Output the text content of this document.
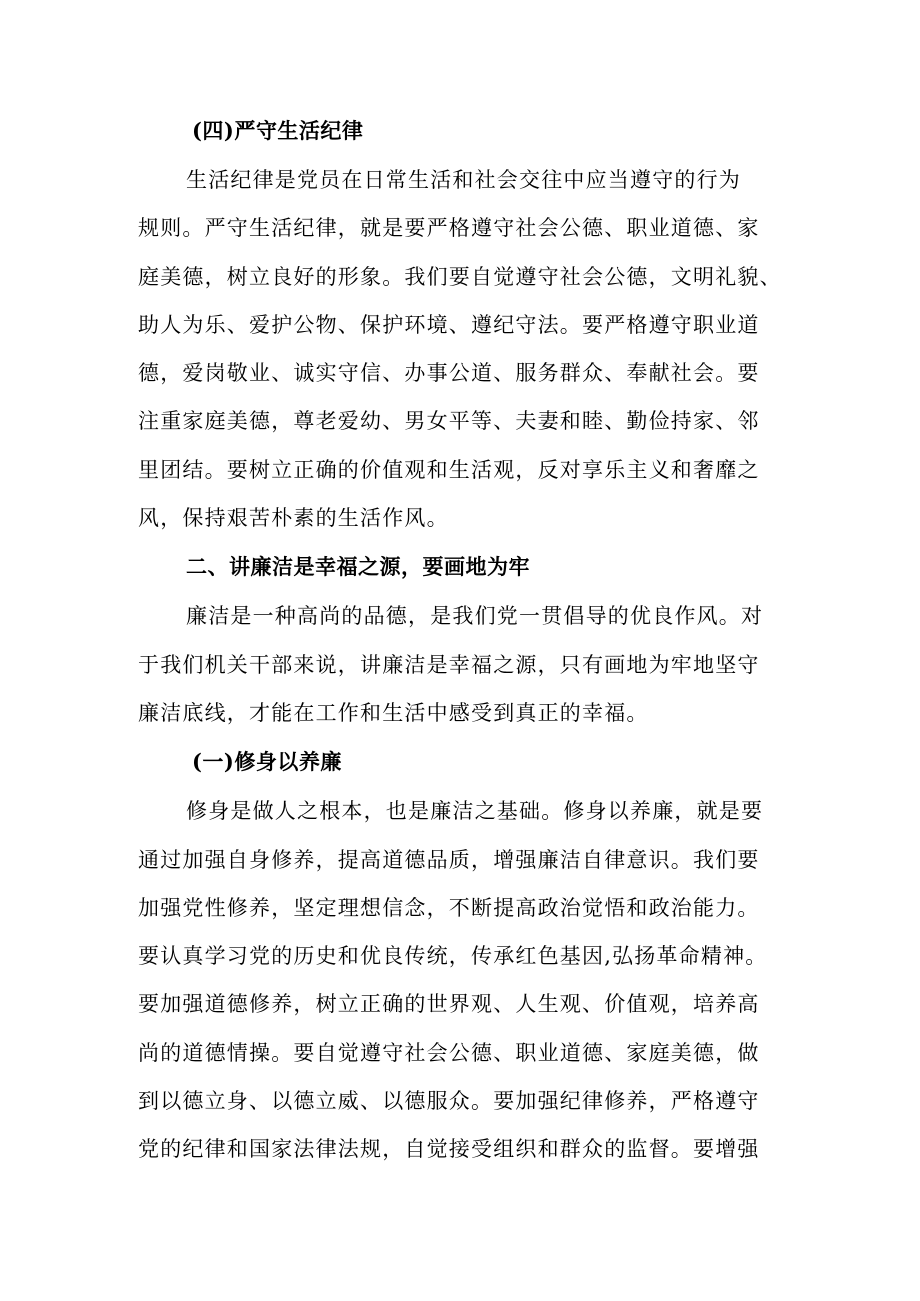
(四)严守生活纪律
生活纪律是党员在日常生活和社会交往中应当遵守的行为
规则。严守生活纪律，就是要严格遵守社会公德、职业道德、家
庭美德，树立良好的形象。我们要自觉遵守社会公德，文明礼貌、
助人为乐、爱护公物、保护环境、遵纪守法。要严格遵守职业道
德，爱岗敬业、诚实守信、办事公道、服务群众、奉献社会。要
注重家庭美德，尊老爱幼、男女平等、夫妻和睦、勤俭持家、邻
里团结。要树立正确的价值观和生活观，反对享乐主义和奢靡之
风，保持艰苦朴素的生活作风。
二、讲廉洁是幸福之源，要画地为牢
廉洁是一种高尚的品德，是我们党一贯倡导的优良作风。对
于我们机关干部来说，讲廉洁是幸福之源，只有画地为牢地坚守
廉洁底线，才能在工作和生活中感受到真正的幸福。
(一)修身以养廉
修身是做人之根本，也是廉洁之基础。修身以养廉，就是要
通过加强自身修养，提高道德品质，增强廉洁自律意识。我们要
加强党性修养，坚定理想信念，不断提高政治觉悟和政治能力。
要认真学习党的历史和优良传统，传承红色基因,弘扬革命精神。
要加强道德修养，树立正确的世界观、人生观、价值观，培养高
尚的道德情操。要自觉遵守社会公德、职业道德、家庭美德，做
到以德立身、以德立威、以德服众。要加强纪律修养，严格遵守
党的纪律和国家法律法规，自觉接受组织和群众的监督。要增强
